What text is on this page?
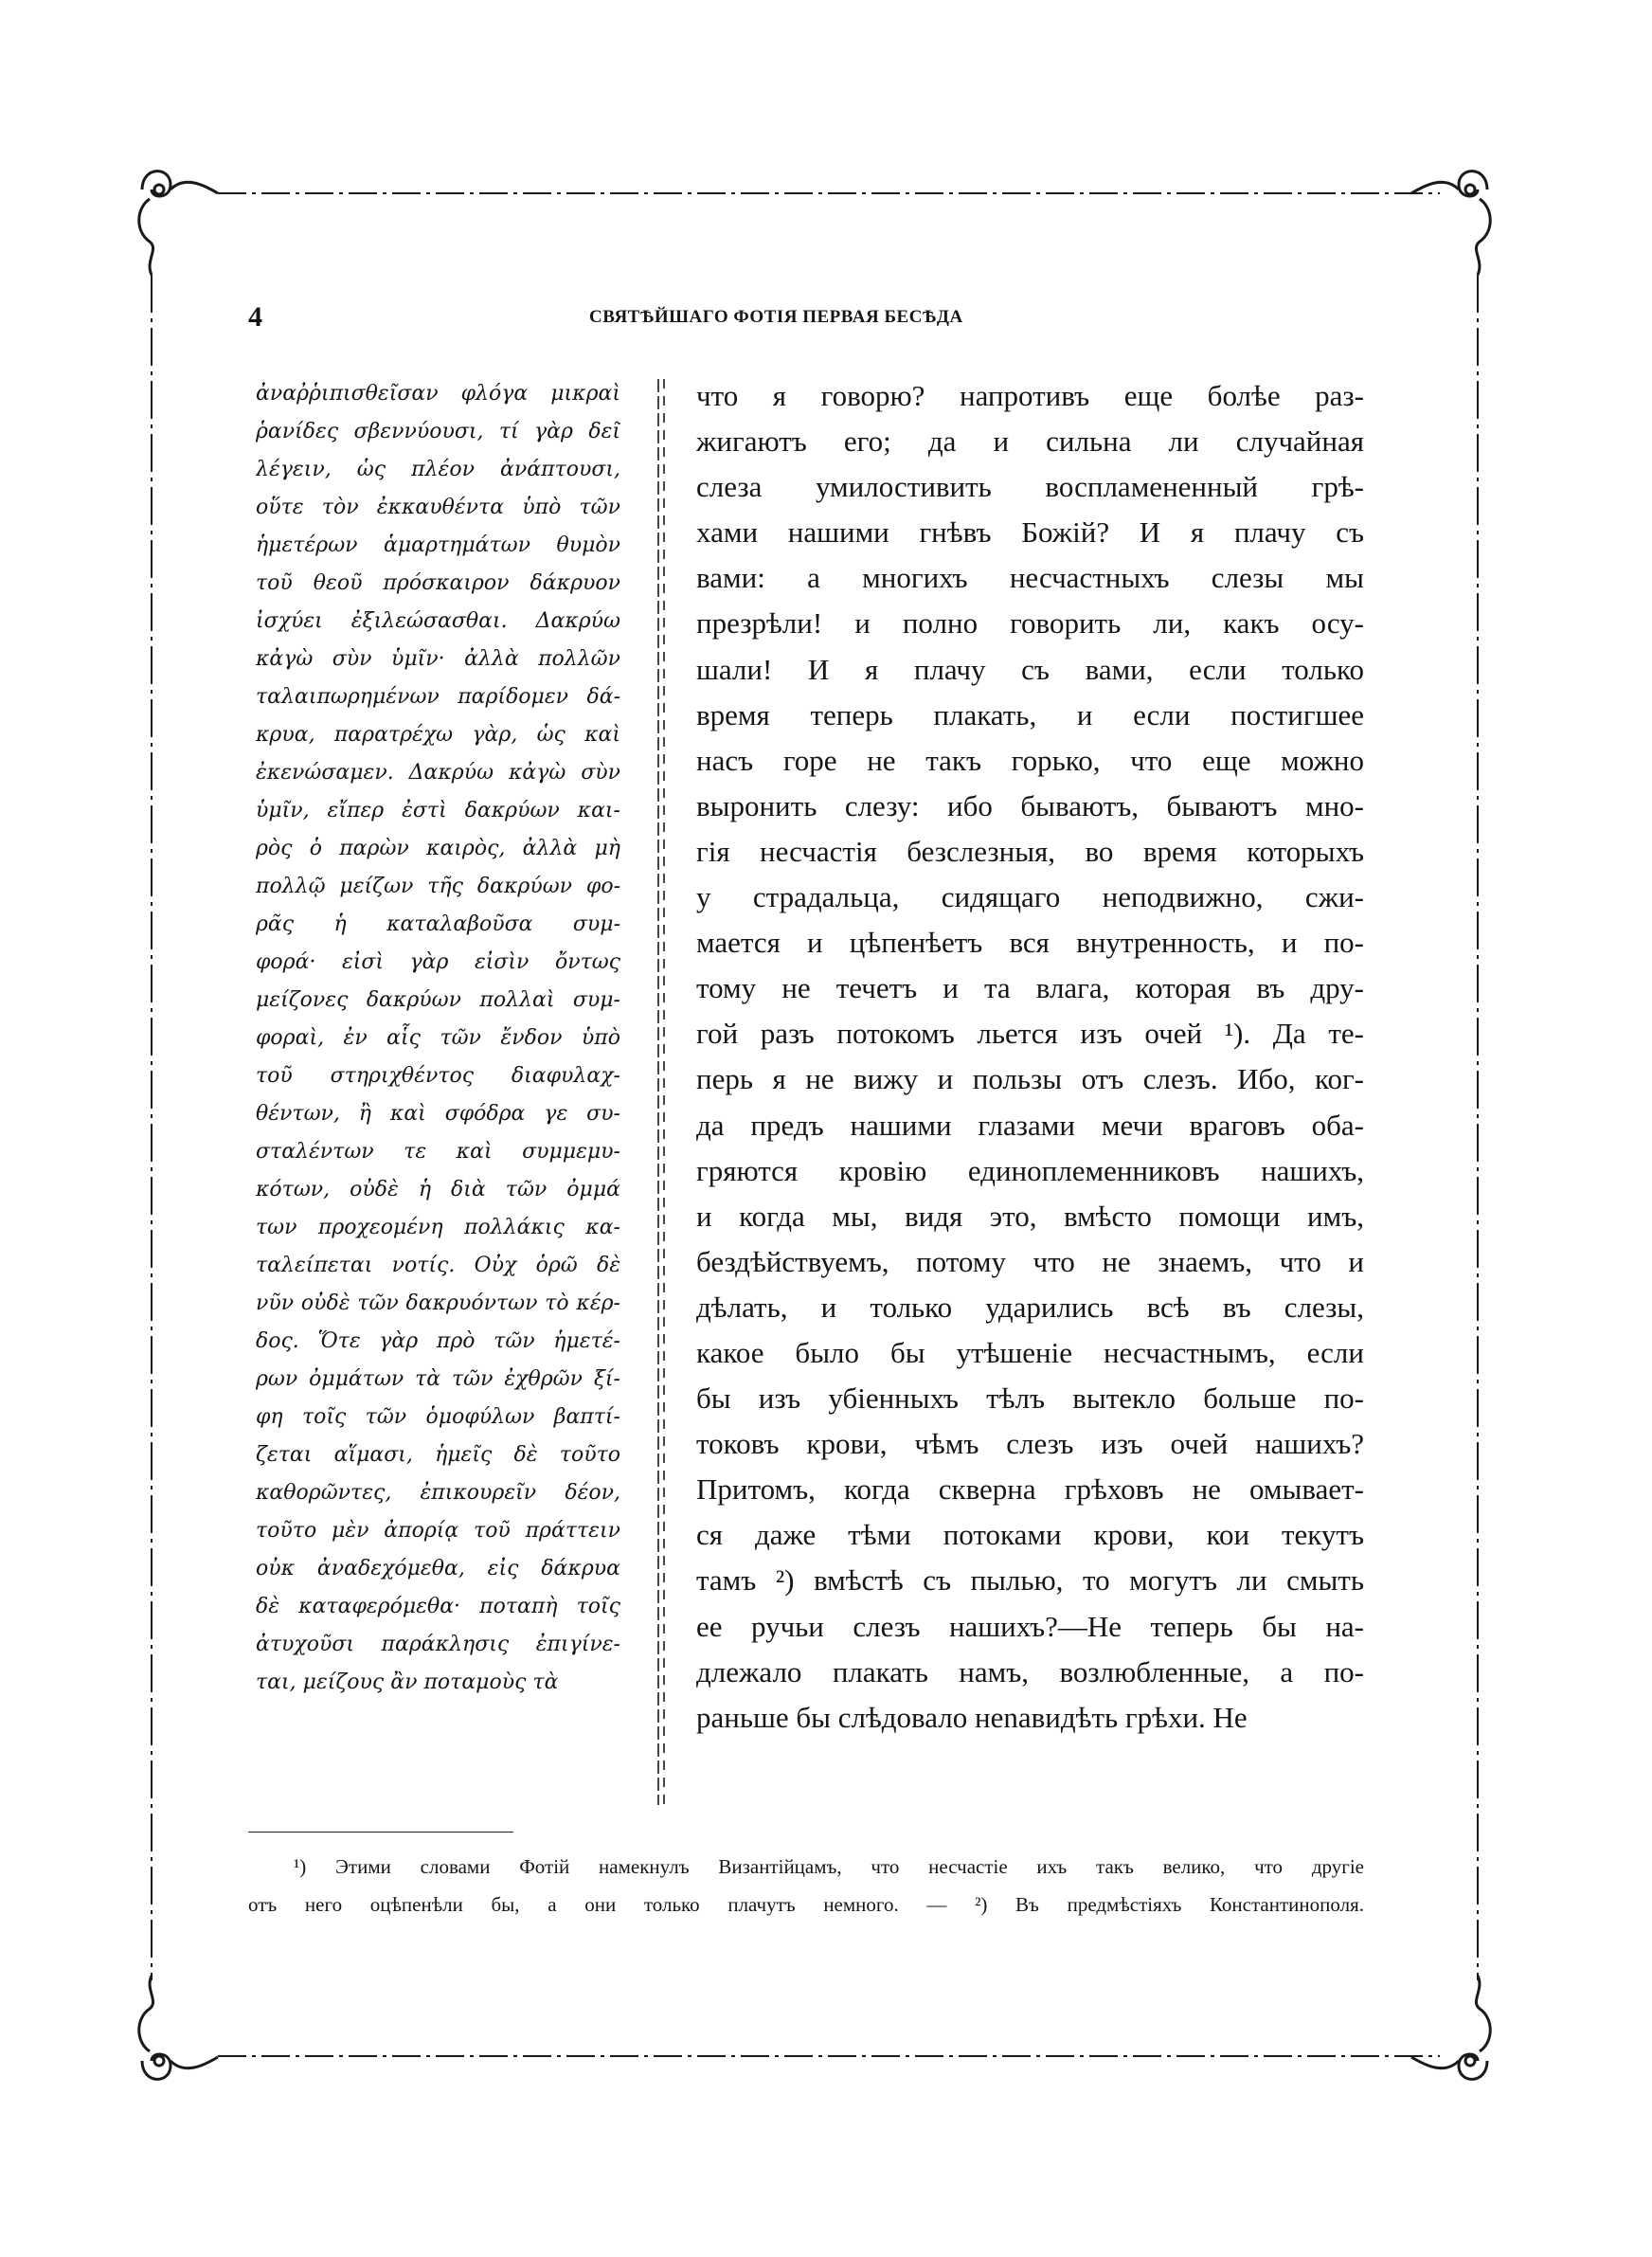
4	СВЯТѢЙШАГО ФОТІЯ ПЕРВАЯ БЕСѢДА
ἀναῤῥιπισθεῖσαν φλόγα μικραὶ
ῥανίδες σβεννύουσι, τί γὰρ δεῖ
λέγειν, ὡς πλέον ἀνάπτουσι,
οὕτε τὸν ἐκκαυθέντα ὑπὸ τῶν
ἡμετέρων ἁμαρτημάτων θυμὸν
τοῦ θεοῦ πρόσκαιρον δάκρυον
ἰσχύει ἐξιλεώσασθαι. Δακρύω
κἀγὼ σὺν ὑμῖν· ἀλλὰ πολλῶν
ταλαιπωρημένων παρίδομεν δά-
κρυα, παρατρέχω γὰρ, ὡς καὶ
ἐκενώσαμεν. Δακρύω κἀγὼ σὺν
ὑμῖν, εἴπερ ἐστὶ δακρύων και-
ρὸς ὁ παρὼν καιρὸς, ἀλλὰ μὴ
πολλῷ μείζων τῆς δακρύων φο-
ρᾶς ἡ καταλαβοῦσα συμ-
φορά· εἰσὶ γὰρ εἰσὶν ὄντως
μείζονες δακρύων πολλαὶ συμ-
φοραὶ, ἐν αἷς τῶν ἔνδον ὑπὸ
τοῦ στηριχθέντος διαφυλαχ-
θέντων, ἢ καὶ σφόδρα γε συ-
σταλέντων τε καὶ συμμεμυ-
κότων, οὐδὲ ἡ διὰ τῶν ὀμμά
των προχεομένη πολλάκις κα-
ταλείπεται νοτίς. Οὐχ ὁρῶ δὲ
νῦν οὐδὲ τῶν δακρυόντων τὸ κέρ-
δος. Ὅτε γὰρ πρὸ τῶν ἡμετέ-
ρων ὀμμάτων τὰ τῶν ἐχθρῶν ξί-
φη τοῖς τῶν ὁμοφύλων βαπτί-
ζεται αἵμασι, ἡμεῖς δὲ τοῦτο
καθορῶντες, ἐπικουρεῖν δέον,
τοῦτο μὲν ἀπορίᾳ τοῦ πράττειν
οὐκ ἀναδεχόμεθα, εἰς δάκρυα
δὲ καταφερόμεθα· ποταπὴ τοῖς
ἀτυχοῦσι παράκλησις ἐπιγίνε-
ται, μείζους ἂν ποταμοὺς τὰ
что я говорю? напротивъ еще болѣе раз-
жигаютъ его; да и сильна ли случайная
слеза умилостивить воспламененный грѣ-
хами нашими гнѣвъ Божій? И я плачу съ
вами: а многихъ несчастныхъ слезы мы
презрѣли! и полно говорить ли, какъ осу-
шали! И я плачу съ вами, если только
время теперь плакать, и если постигшее
насъ горе не такъ горько, что еще можно
выронить слезу: ибо бываютъ, бываютъ мно-
гія несчастія безслезныя, во время которыхъ
у страдальца, сидящаго неподвижно, сжи-
мается и цѣпенѣетъ вся внутренность, и по-
тому не течетъ и та влага, которая въ дру-
гой разъ потокомъ льется изъ очей ¹). Да те-
перь я не вижу и пользы отъ слезъ. Ибо, ког-
да предъ нашими глазами мечи враговъ оба-
гряются кровію единоплеменниковъ нашихъ,
и когда мы, видя это, вмѣсто помощи имъ,
бездѣйствуемъ, потому что не знаемъ, что и
дѣлать, и только ударились всѣ въ слезы,
какое было бы утѣшеніе несчастнымъ, если
бы изъ убіенныхъ тѣлъ вытекло больше по-
токовъ крови, чѣмъ слезъ изъ очей нашихъ?
Притомъ, когда скверна грѣховъ не омывает-
ся даже тѣми потоками крови, кои текутъ
тамъ ²) вмѣстѣ съ пылью, то могутъ ли смыть
ее ручьи слезъ нашихъ?—Не теперь бы на-
длежало плакать намъ, возлюбленные, а по-
раньше бы слѣдовало неnавидѣть грѣхи. Не
¹) Этими словами Фотій намекнулъ Византійцамъ, что несчастіе ихъ такъ велико, что другіе
отъ него оцѣпенѣли бы, а они только плачутъ немного. — ²) Въ предмѣстіяхъ Константинополя.
